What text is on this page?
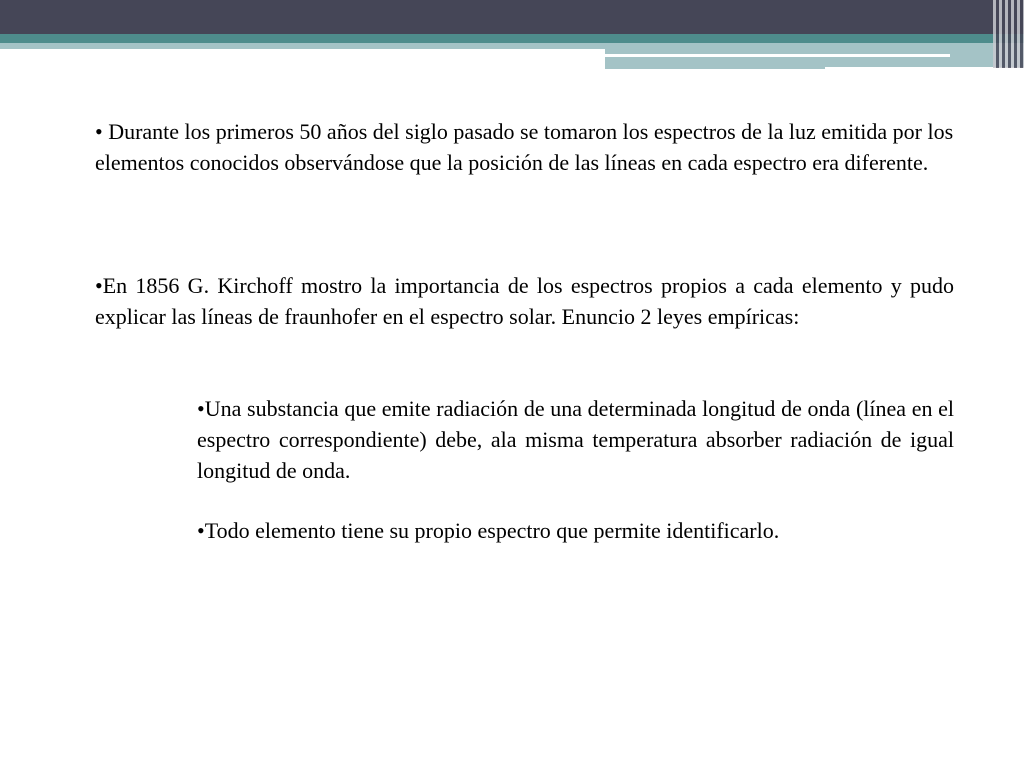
• Durante los primeros 50 años del siglo pasado se tomaron los espectros de la luz emitida por los elementos conocidos observándose que la posición de las líneas en cada espectro era diferente.

•En 1856 G. Kirchoff mostro la importancia de los espectros propios a cada elemento y pudo explicar las líneas de fraunhofer en el espectro solar. Enuncio 2 leyes empíricas:

•Una substancia que emite radiación de una determinada longitud de onda (línea en el espectro correspondiente) debe, ala misma temperatura absorber radiación de igual longitud de onda.

•Todo elemento tiene su propio espectro que permite identificarlo.
